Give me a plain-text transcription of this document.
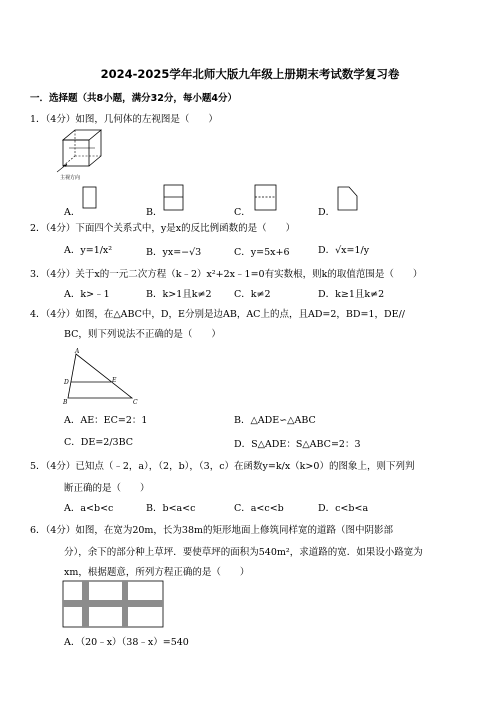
2024-2025学年北师大版九年级上册期末考试数学复习卷
一．选择题（共8小题，满分32分，每小题4分）
1．（4分）如图，几何体的左视图是（　　）
主视方向
A．	B．	C．	D．
2．（4分）下面四个关系式中，y是x的反比例函数的是（　　）
A．y=1/x²	B．yx=−√3	C．y=5x+6	D．√x=1/y
3．（4分）关于x的一元二次方程（k﹣2）x²+2x﹣1=0有实数根，则k的取值范围是（　　）
A．k>﹣1	B．k>1且k≠2 C．k≠2	D．k≥1且k≠2
4．（4分）如图，在△ABC中，D，E分别是边AB，AC上的点，且AD=2，BD=1，DE//
BC，则下列说法不正确的是（　　）
A
D	E
B	C
A．AE：EC=2：1	B．△ADE∽△ABC
C．DE=2/3BC	D．S△ADE：S△ABC=2：3
5．（4分）已知点（﹣2，a），（2，b），（3，c）在函数y=k/x（k>0）的图象上，则下列判
断正确的是（　　）
A．a<b<c	B．b<a<c	C．a<c<b	D．c<b<a
6．（4分）如图，在宽为20m，长为38m的矩形地面上修筑同样宽的道路（图中阴影部
分），余下的部分种上草坪．要使草坪的面积为540m²，求道路的宽．如果设小路宽为
xm，根据题意，所列方程正确的是（　　）
A．（20﹣x）（38﹣x）=540
